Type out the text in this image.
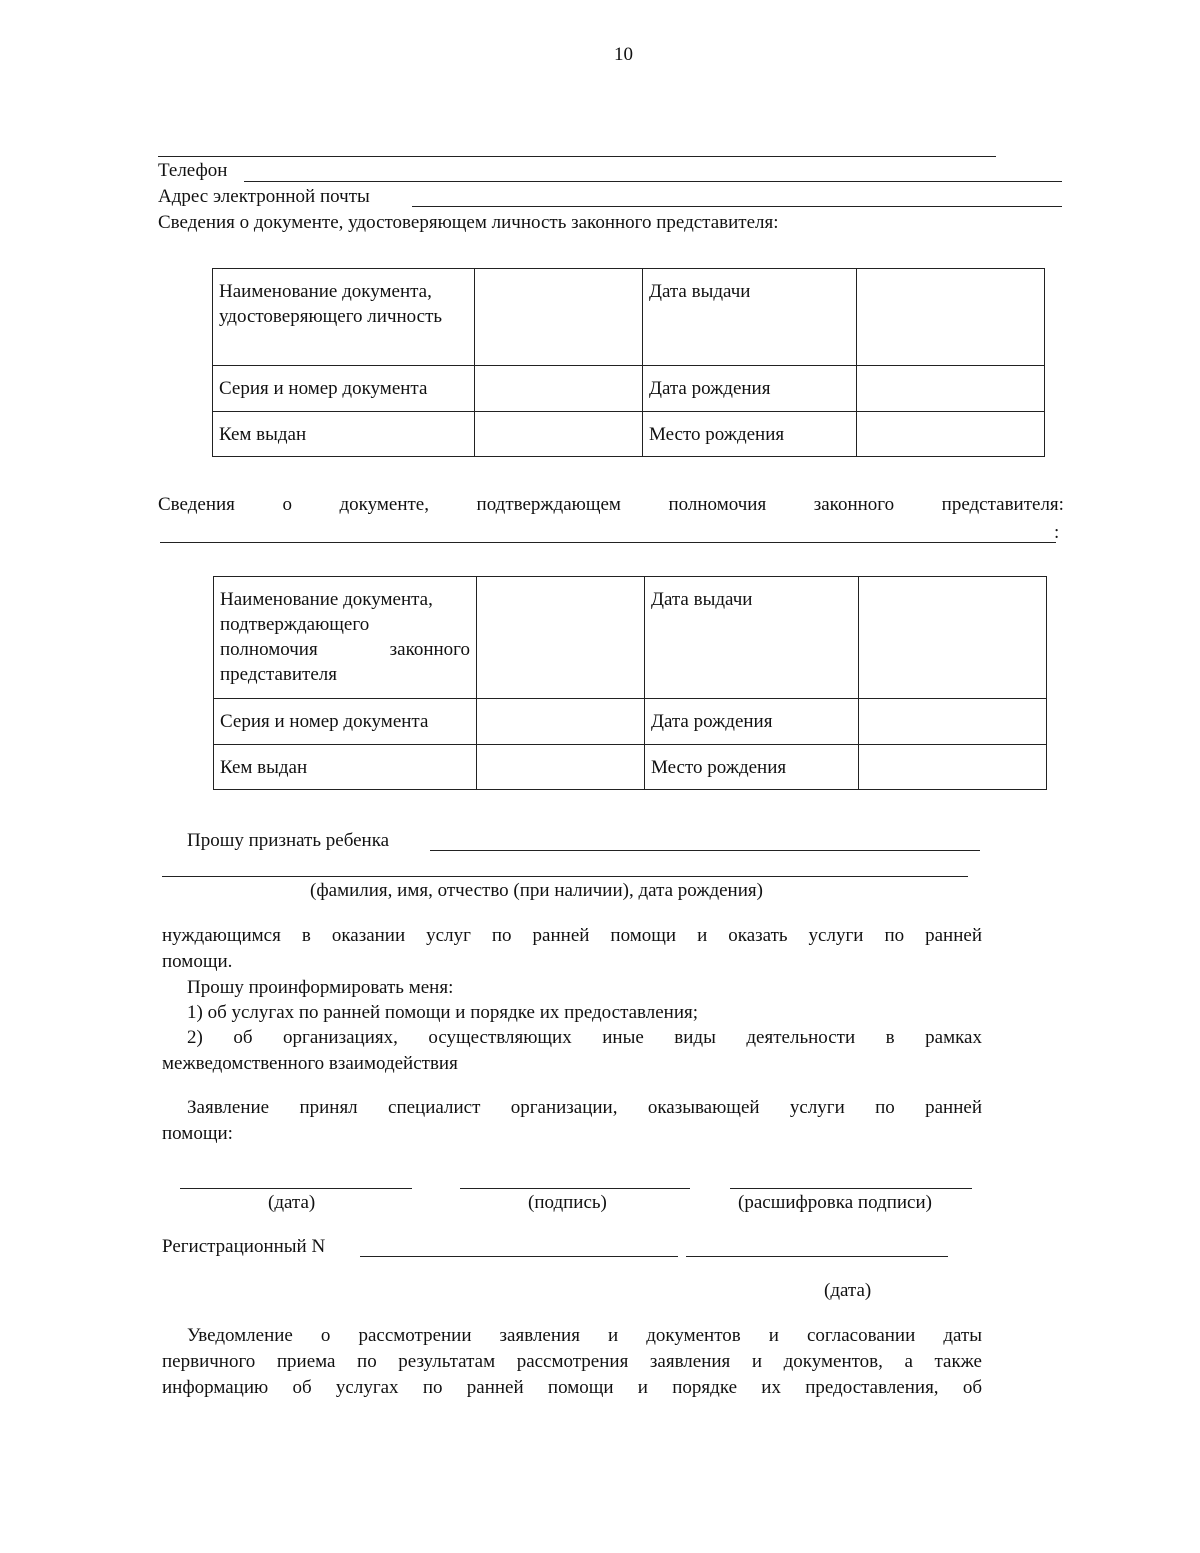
10
Телефон
Адрес электронной почты
Сведения о документе, удостоверяющем личность законного представителя:
Наименование документа, удостоверяющего личность		Дата выдачи	
Серия и номер документа		Дата рождения	
Кем выдан		Место рождения	
Сведения	о	документе,	подтверждающем	полномочия	законного	представителя:
:
Наименование документа,
подтверждающего
полномочия законного
представителя		Дата выдачи	
Серия и номер документа		Дата рождения	
Кем выдан		Место рождения	
Прошу признать ребенка
(фамилия, имя, отчество (при наличии), дата рождения)
нуждающимся в оказании услуг по ранней помощи и оказать услуги по ранней
помощи.
Прошу проинформировать меня:
1) об услугах по ранней помощи и порядке их предоставления;
2) об организациях, осуществляющих иные виды деятельности в рамках
межведомственного взаимодействия
Заявление принял специалист организации, оказывающей услуги по ранней
помощи:
(дата)	(подпись)	(расшифровка подписи)
Регистрационный N
(дата)
Уведомление о рассмотрении заявления и документов и согласовании даты
первичного приема по результатам рассмотрения заявления и документов, а также
информацию об услугах по ранней помощи и порядке их предоставления, об
